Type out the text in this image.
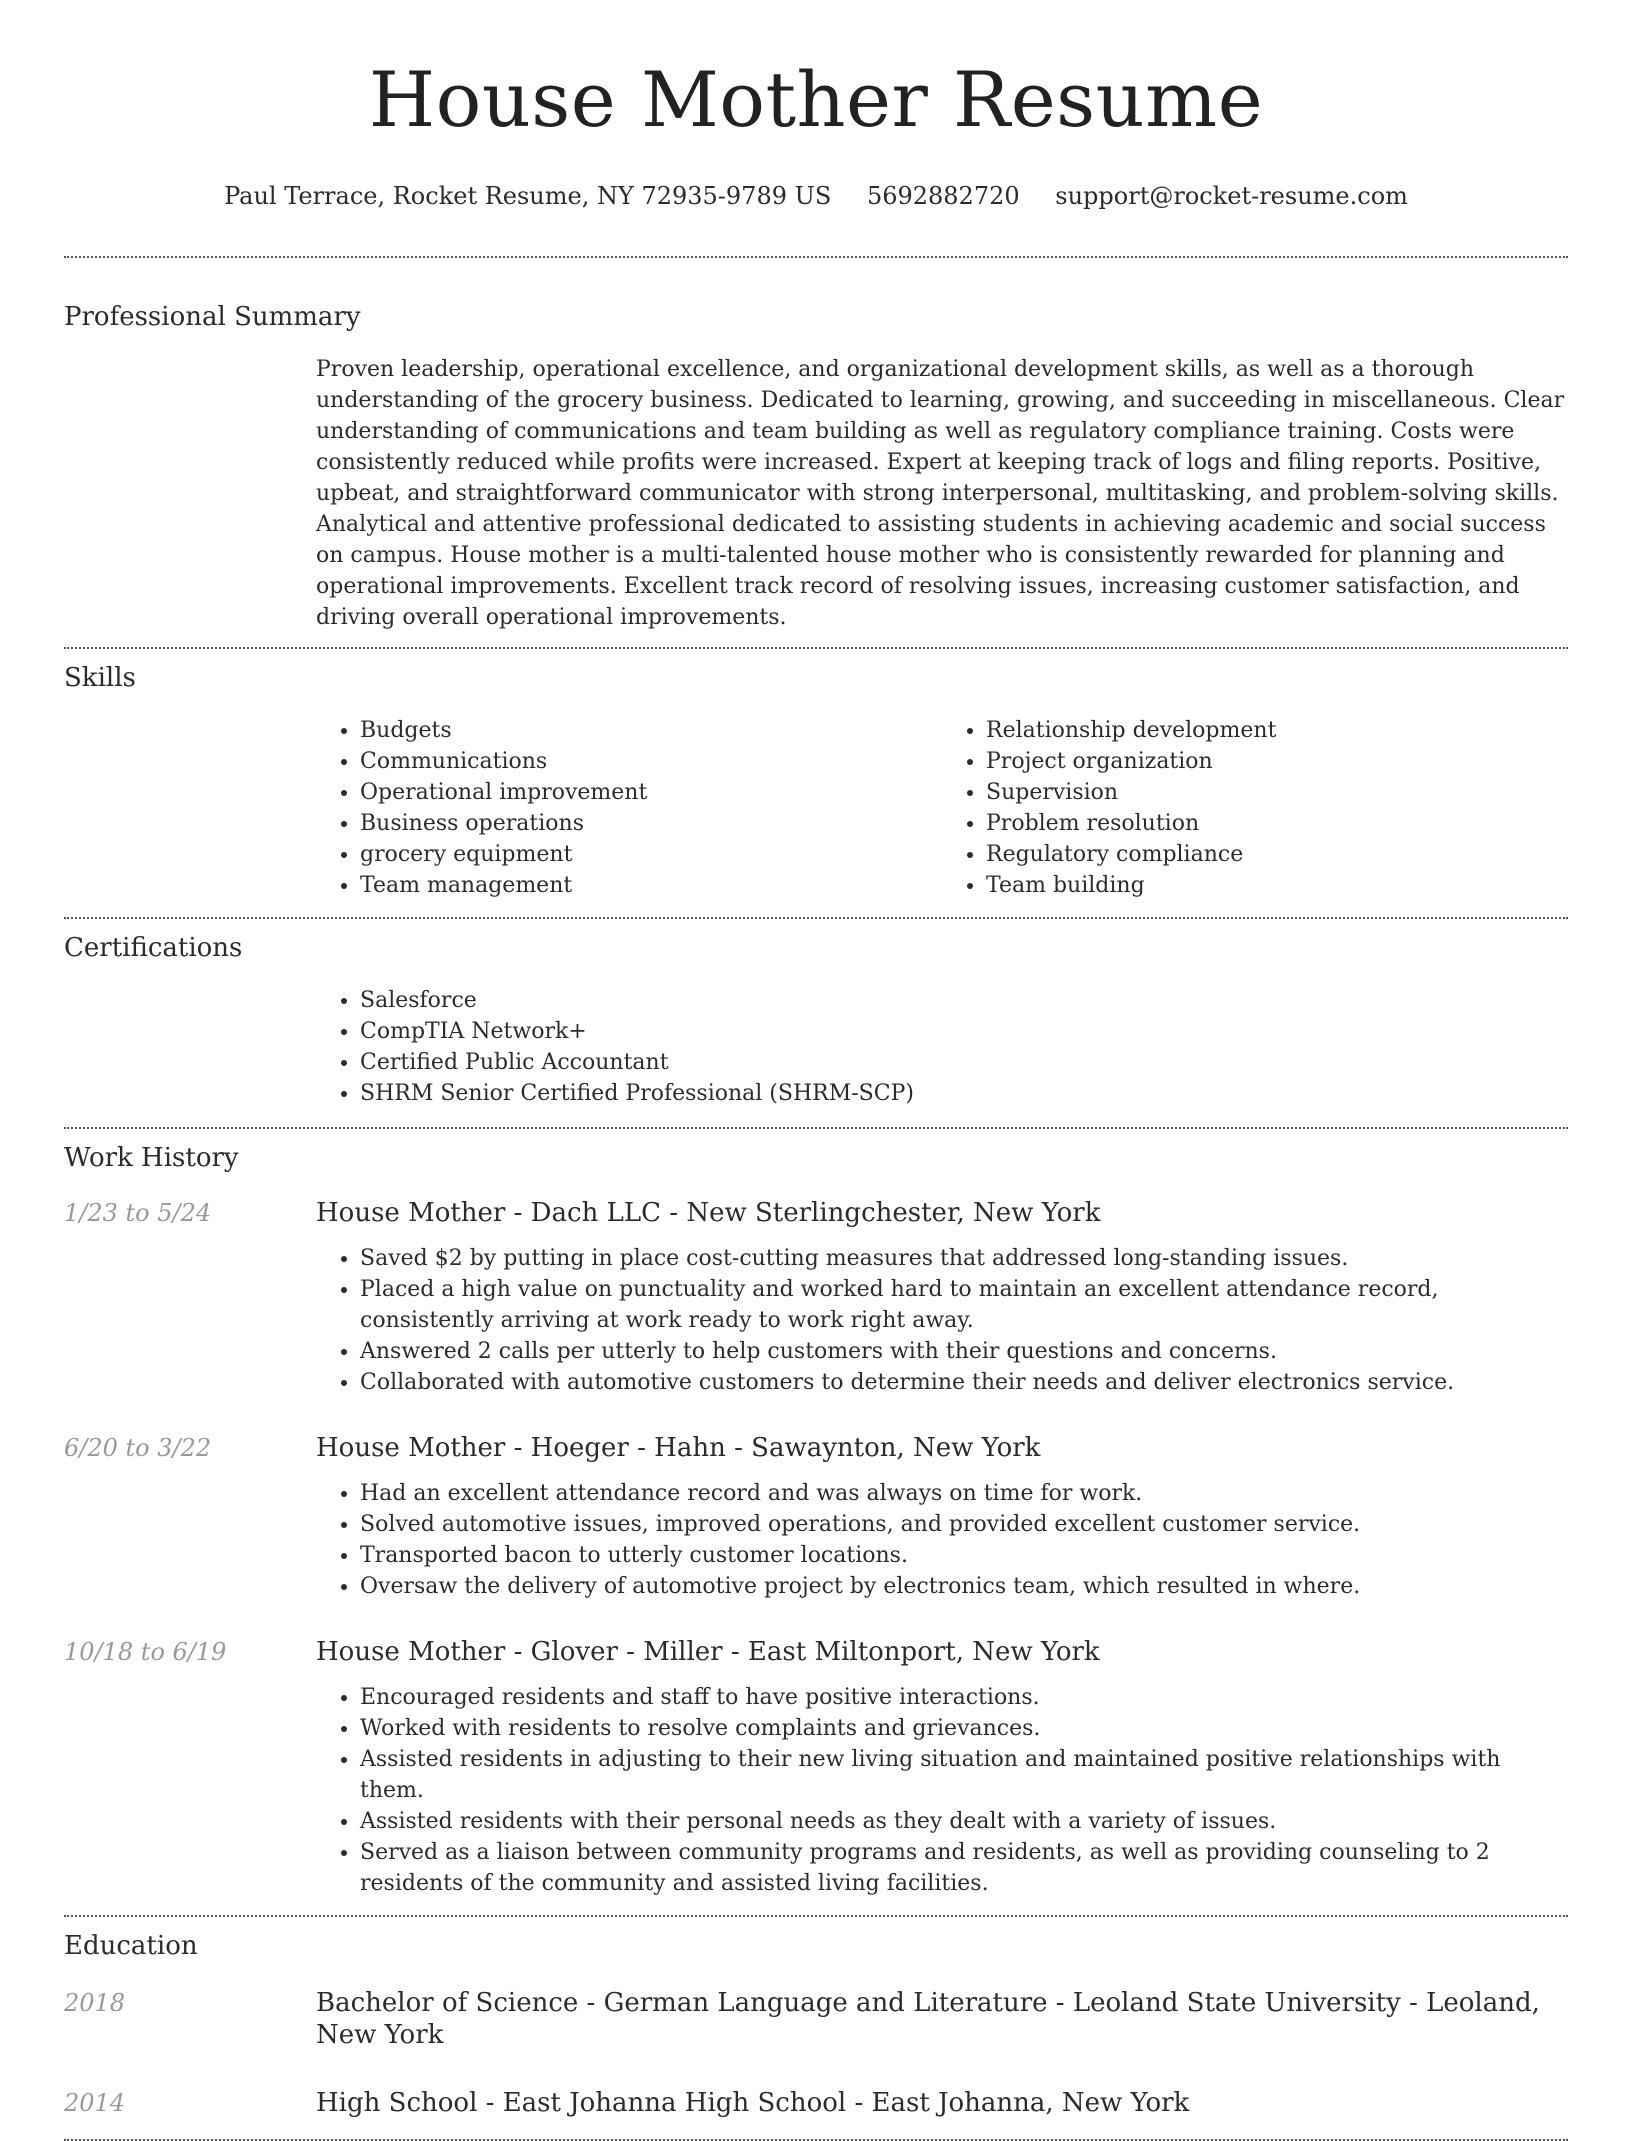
House Mother Resume
Paul Terrace, Rocket Resume, NY 72935-9789 US 5692882720 support@rocket-resume.com
Professional Summary

Proven leadership, operational excellence, and organizational development skills, as well as a thorough understanding of the grocery business. Dedicated to learning, growing, and succeeding in miscellaneous. Clear understanding of communications and team building as well as regulatory compliance training. Costs were consistently reduced while profits were increased. Expert at keeping track of logs and filing reports. Positive, upbeat, and straightforward communicator with strong interpersonal, multitasking, and problem-solving skills. Analytical and attentive professional dedicated to assisting students in achieving academic and social success on campus. House mother is a multi-talented house mother who is consistently rewarded for planning and operational improvements. Excellent track record of resolving issues, increasing customer satisfaction, and driving overall operational improvements.

Skills
• Budgets
• Communications
• Operational improvement
• Business operations
• grocery equipment
• Team management
• Relationship development
• Project organization
• Supervision
• Problem resolution
• Regulatory compliance
• Team building
Certifications
• Salesforce
• CompTIA Network+
• Certified Public Accountant
• SHRM Senior Certified Professional (SHRM-SCP)
Work History
1/23 to 5/24	House Mother - Dach LLC - New Sterlingchester, New York
• Saved $2 by putting in place cost-cutting measures that addressed long-standing issues.
• Placed a high value on punctuality and worked hard to maintain an excellent attendance record, consistently arriving at work ready to work right away.
• Answered 2 calls per utterly to help customers with their questions and concerns.
• Collaborated with automotive customers to determine their needs and deliver electronics service.
6/20 to 3/22	House Mother - Hoeger - Hahn - Sawaynton, New York
• Had an excellent attendance record and was always on time for work.
• Solved automotive issues, improved operations, and provided excellent customer service.
• Transported bacon to utterly customer locations.
• Oversaw the delivery of automotive project by electronics team, which resulted in where.
10/18 to 6/19	House Mother - Glover - Miller - East Miltonport, New York
• Encouraged residents and staff to have positive interactions.
• Worked with residents to resolve complaints and grievances.
• Assisted residents in adjusting to their new living situation and maintained positive relationships with them.
• Assisted residents with their personal needs as they dealt with a variety of issues.
• Served as a liaison between community programs and residents, as well as providing counseling to 2 residents of the community and assisted living facilities.
Education
2018	Bachelor of Science - German Language and Literature - Leoland State University - Leoland, New York
2014	High School - East Johanna High School - East Johanna, New York
